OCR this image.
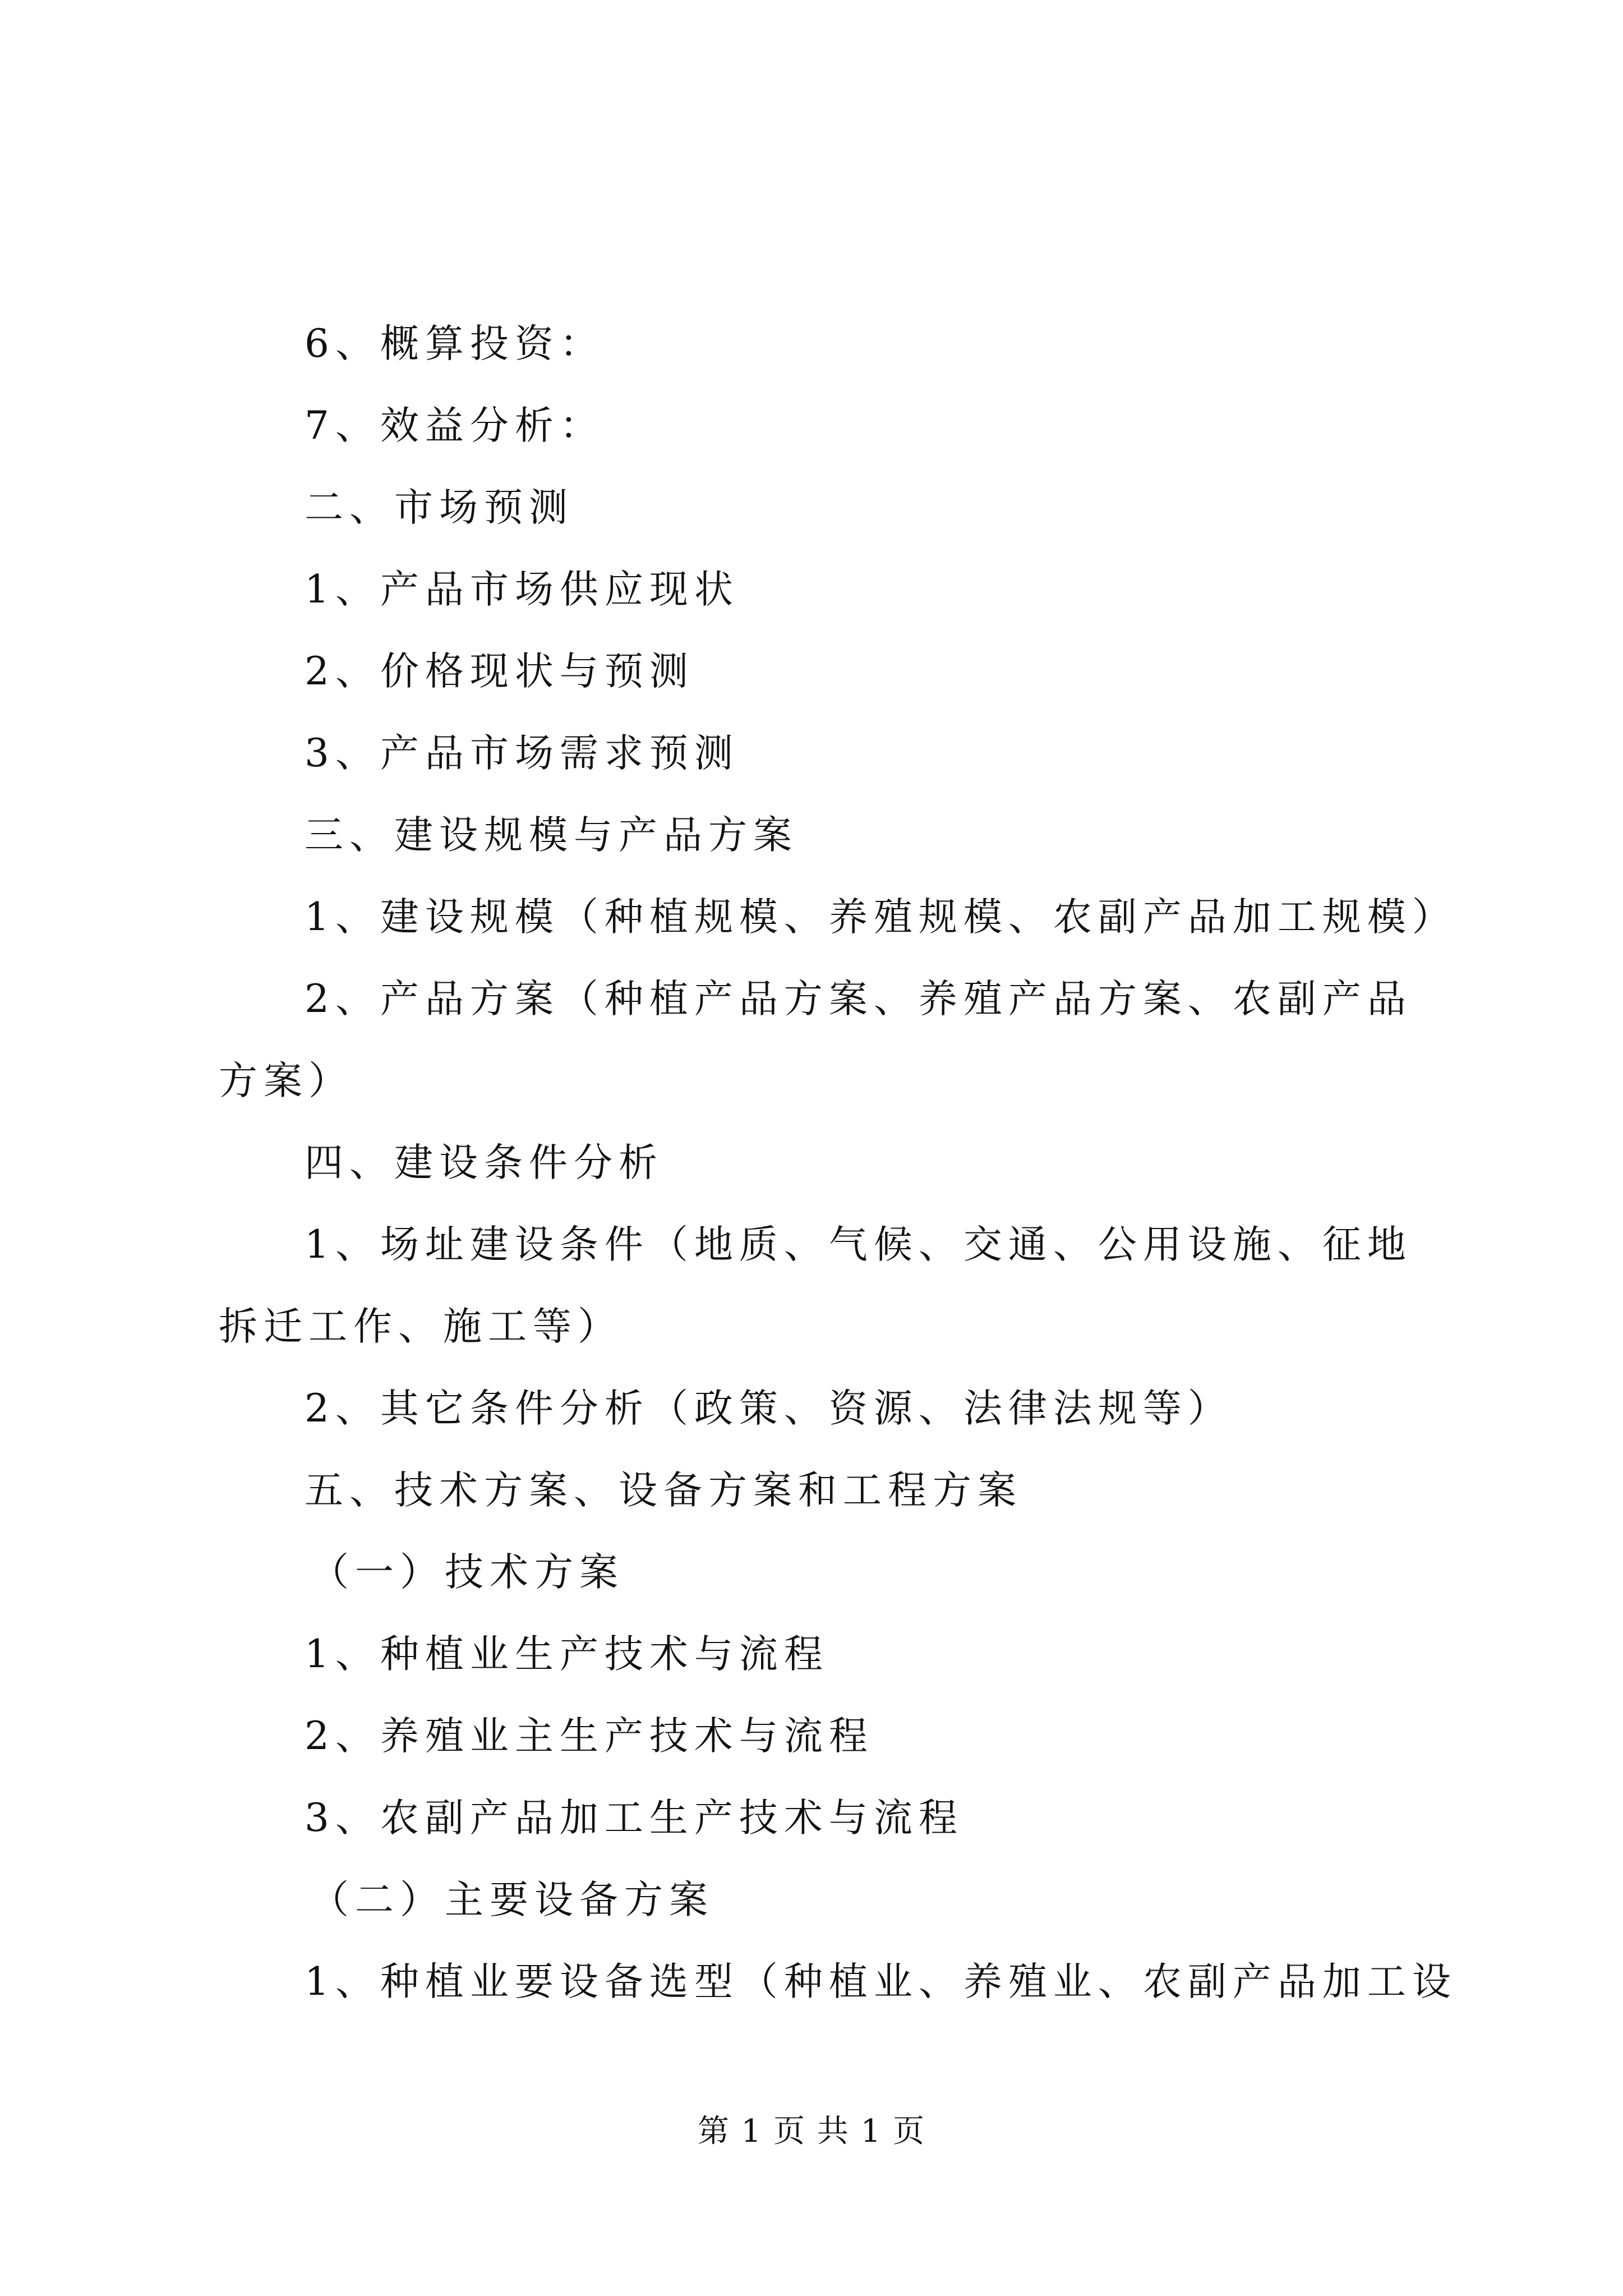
6、概算投资：

7、效益分析：

二、市场预测

1、产品市场供应现状

2、价格现状与预测

3、产品市场需求预测

三、建设规模与产品方案

1、建设规模（种植规模、养殖规模、农副产品加工规模）

2、产品方案（种植产品方案、养殖产品方案、农副产品方案）

四、建设条件分析

1、场址建设条件（地质、气候、交通、公用设施、征地拆迁工作、施工等）

2、其它条件分析（政策、资源、法律法规等）

五、技术方案、设备方案和工程方案

（一）技术方案

1、种植业生产技术与流程

2、养殖业主生产技术与流程

3、农副产品加工生产技术与流程

（二）主要设备方案

1、种植业要设备选型（种植业、养殖业、农副产品加工设

第 1 页 共 1 页
